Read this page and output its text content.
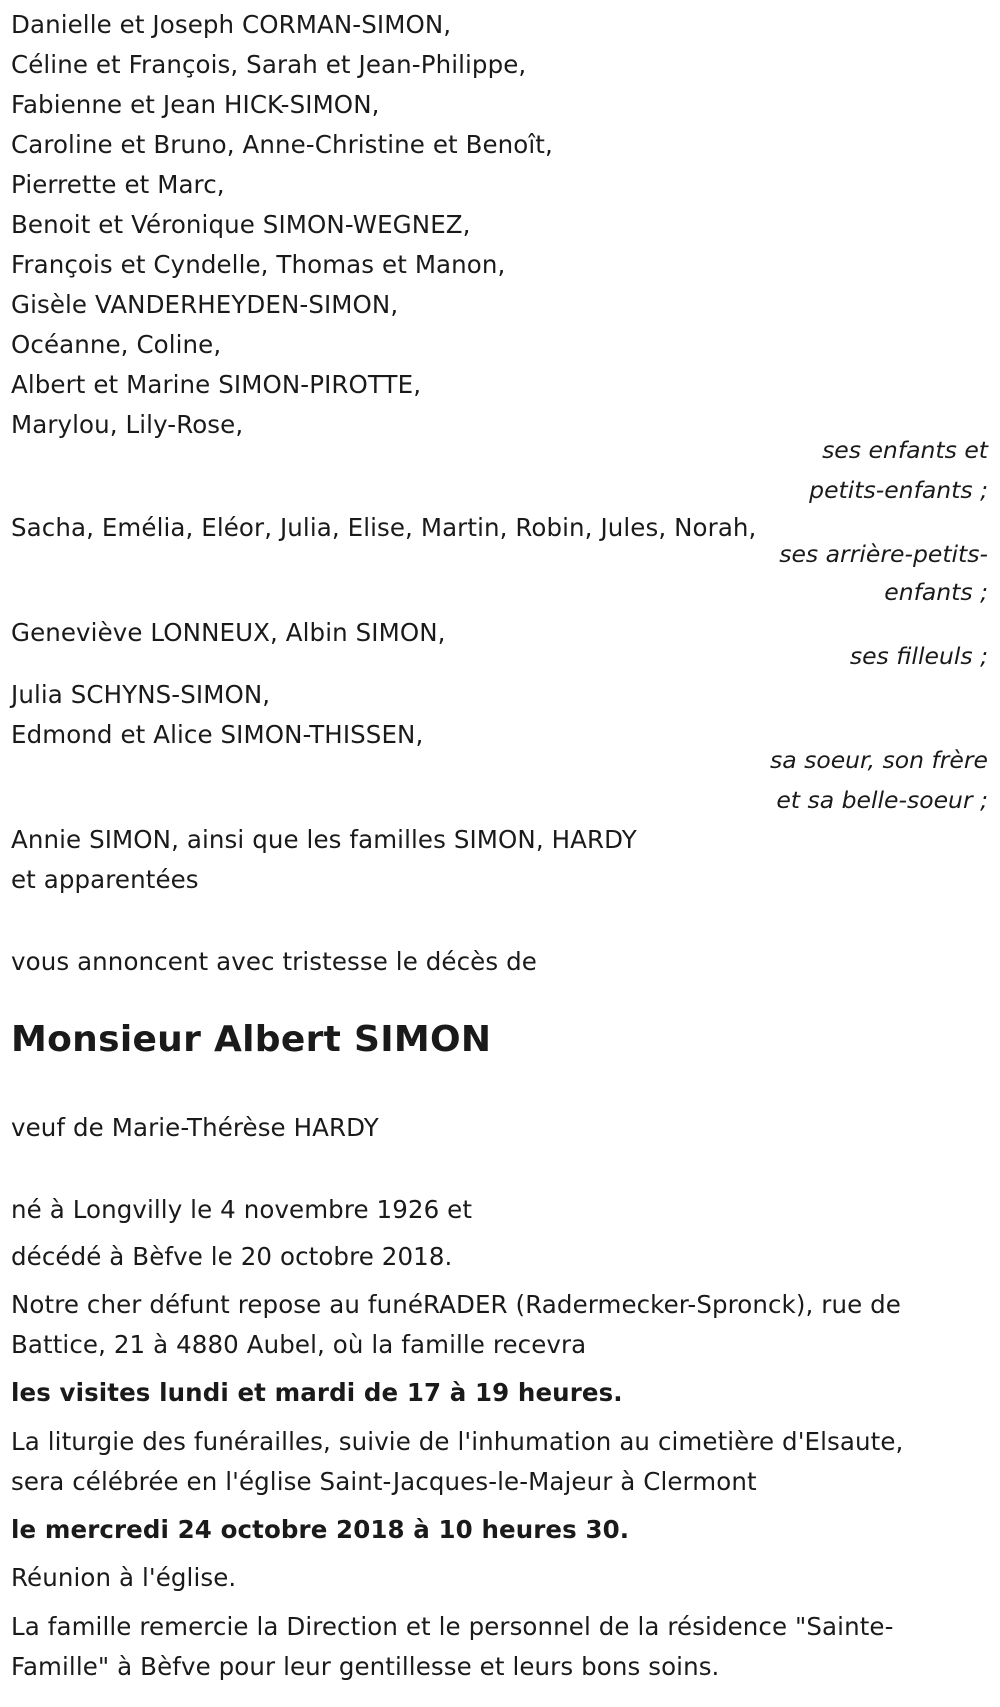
Danielle et Joseph CORMAN-SIMON,

Céline et François, Sarah et Jean-Philippe,

Fabienne et Jean HICK-SIMON,

Caroline et Bruno, Anne-Christine et Benoît,

Pierrette et Marc,

Benoit et Véronique SIMON-WEGNEZ,

François et Cyndelle, Thomas et Manon,

Gisèle VANDERHEYDEN-SIMON,

Océanne, Coline,

Albert et Marine SIMON-PIROTTE,

Marylou, Lily-Rose,

ses enfants et

petits-enfants ;

Sacha, Emélia, Eléor, Julia, Elise, Martin, Robin, Jules, Norah,

ses arrière-petits-

enfants ;

Geneviève LONNEUX, Albin SIMON,

ses filleuls ;

Julia SCHYNS-SIMON,

Edmond et Alice SIMON-THISSEN,

sa soeur, son frère

et sa belle-soeur ;

Annie SIMON, ainsi que les familles SIMON, HARDY

et apparentées

vous annoncent avec tristesse le décès de

Monsieur Albert SIMON

veuf de Marie-Thérèse HARDY

né à Longvilly le 4 novembre 1926 et

décédé à Bèfve le 20 octobre 2018.

Notre cher défunt repose au funéRADER (Radermecker-Spronck), rue de

Battice, 21 à 4880 Aubel, où la famille recevra

les visites lundi et mardi de 17 à 19 heures.

La liturgie des funérailles, suivie de l'inhumation au cimetière d'Elsaute,

sera célébrée en l'église Saint-Jacques-le-Majeur à Clermont

le mercredi 24 octobre 2018 à 10 heures 30.

Réunion à l'église.

La famille remercie la Direction et le personnel de la résidence "Sainte-

Famille" à Bèfve pour leur gentillesse et leurs bons soins.
